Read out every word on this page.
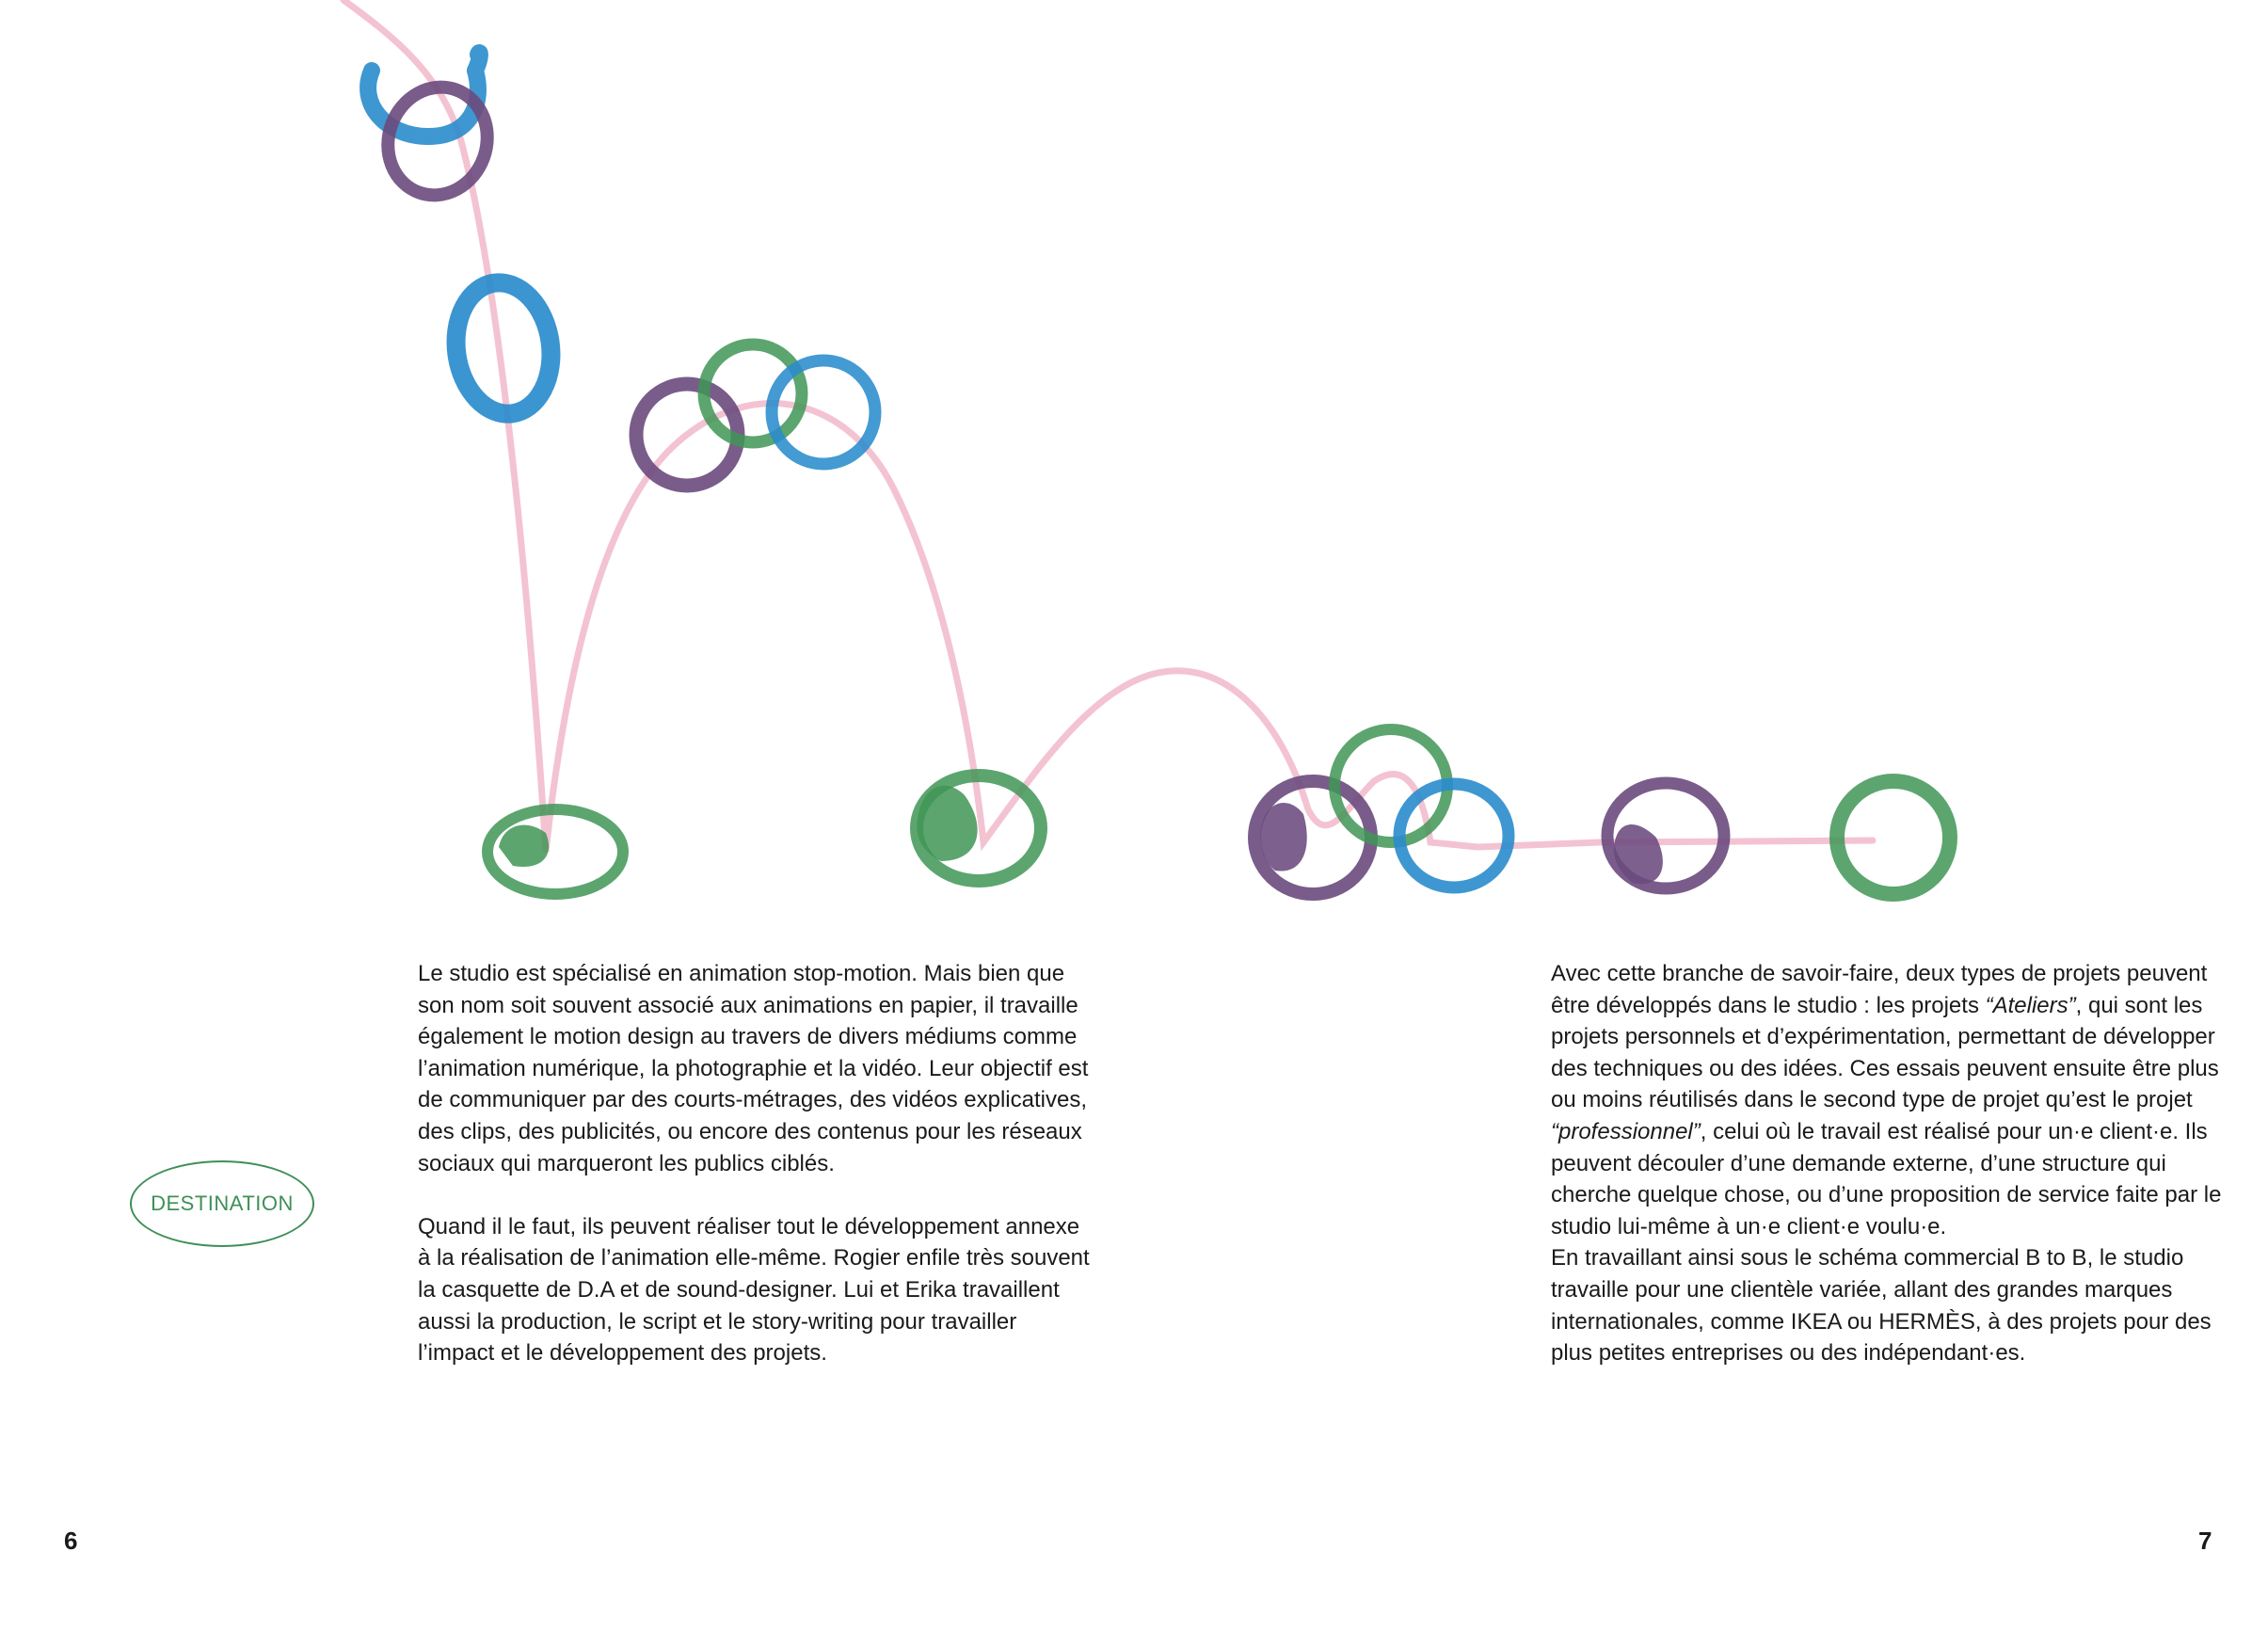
Le studio est spécialisé en animation stop-motion. Mais bien que son nom soit souvent associé aux animations en papier, il travaille également le motion design au travers de divers médiums comme l’animation numérique, la photographie et la vidéo. Leur objectif est de communiquer par des courts-métrages, des vidéos explicatives, des clips, des publicités, ou encore des contenus pour les réseaux sociaux qui marqueront les publics ciblés.

Quand il le faut, ils peuvent réaliser tout le développement annexe à la réalisation de l’animation elle-même. Rogier enfile très souvent la casquette de D.A et de sound-designer. Lui et Erika travaillent aussi la production, le script et le story-writing pour travailler l’impact et le développement des projets.

DESTINATION

Avec cette branche de savoir-faire, deux types de projets peuvent être développés dans le studio : les projets “Ateliers”, qui sont les projets personnels et d’expérimentation, permettant de développer des techniques ou des idées. Ces essais peuvent ensuite être plus ou moins réutilisés dans le second type de projet qu’est le projet “professionnel”, celui où le travail est réalisé pour un·e client·e. Ils peuvent découler d’une demande externe, d’une structure qui cherche quelque chose, ou d’une proposition de service faite par le studio lui-même à un·e client·e voulu·e.

En travaillant ainsi sous le schéma commercial B to B, le studio travaille pour une clientèle variée, allant des grandes marques internationales, comme IKEA ou HERMÈS, à des projets pour des plus petites entreprises ou des indépendant·es.

6	7
